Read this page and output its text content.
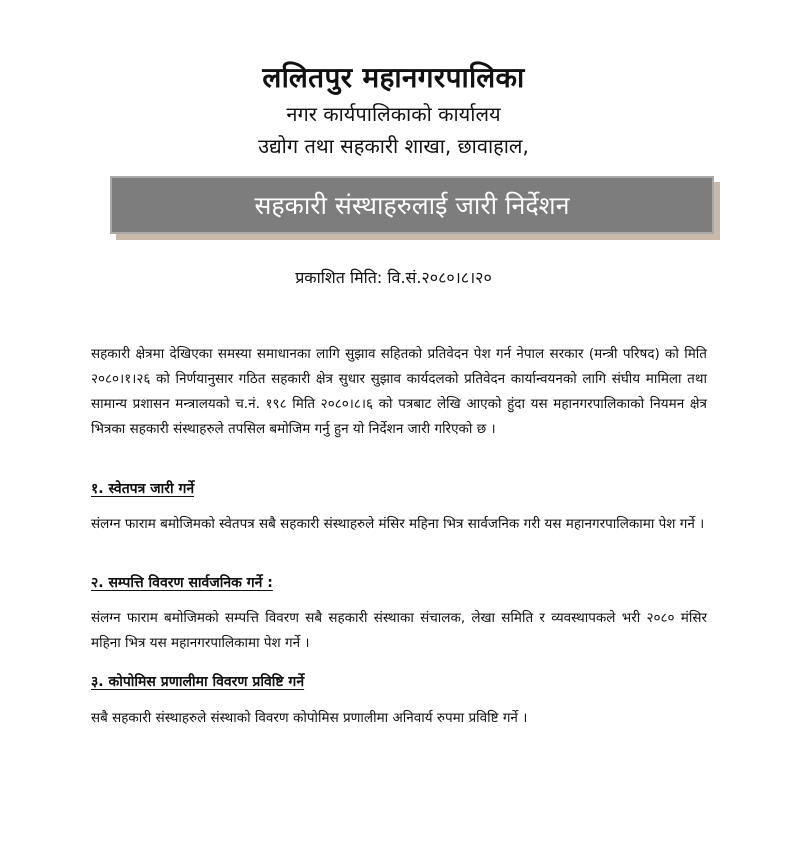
ललितपुर महानगरपालिका
नगर कार्यपालिकाको कार्यालय
उद्योग तथा सहकारी शाखा, छावाहाल,
सहकारी संस्थाहरुलाई जारी निर्देशन
प्रकाशित मिति: वि.सं.२०८०।८।२०
सहकारी क्षेत्रमा देखिएका समस्या समाधानका लागि सुझाव सहितको प्रतिवेदन पेश गर्न नेपाल सरकार (मन्त्री परिषद) को मिति २०८०।१।२६ को निर्णयानुसार गठित सहकारी क्षेत्र सुधार सुझाव कार्यदलको प्रतिवेदन कार्यान्वयनको लागि संघीय मामिला तथा सामान्य प्रशासन मन्त्रालयको च.नं. १९८ मिति २०८०।८।६ को पत्रबाट लेखि आएको हुंदा यस महानगरपालिकाको नियमन क्षेत्र भित्रका सहकारी संस्थाहरुले तपसिल बमोजिम गर्नु हुन यो निर्देशन जारी गरिएको छ ।
१. स्वेतपत्र जारी गर्ने
संलग्न फाराम बमोजिमको स्वेतपत्र सबै सहकारी संस्थाहरुले मंसिर महिना भित्र सार्वजनिक गरी यस महानगरपालिकामा पेश गर्ने ।
२. सम्पत्ति विवरण सार्वजनिक गर्ने :
संलग्न फाराम बमोजिमको सम्पत्ति विवरण सबै सहकारी संस्थाका संचालक, लेखा समिति र व्यवस्थापकले भरी २०८० मंसिर महिना भित्र यस महानगरपालिकामा पेश गर्ने ।
३. कोपोमिस प्रणालीमा विवरण प्रविष्टि गर्ने
सबै सहकारी संस्थाहरुले संस्थाको विवरण कोपोमिस प्रणालीमा अनिवार्य रुपमा प्रविष्टि गर्ने ।
